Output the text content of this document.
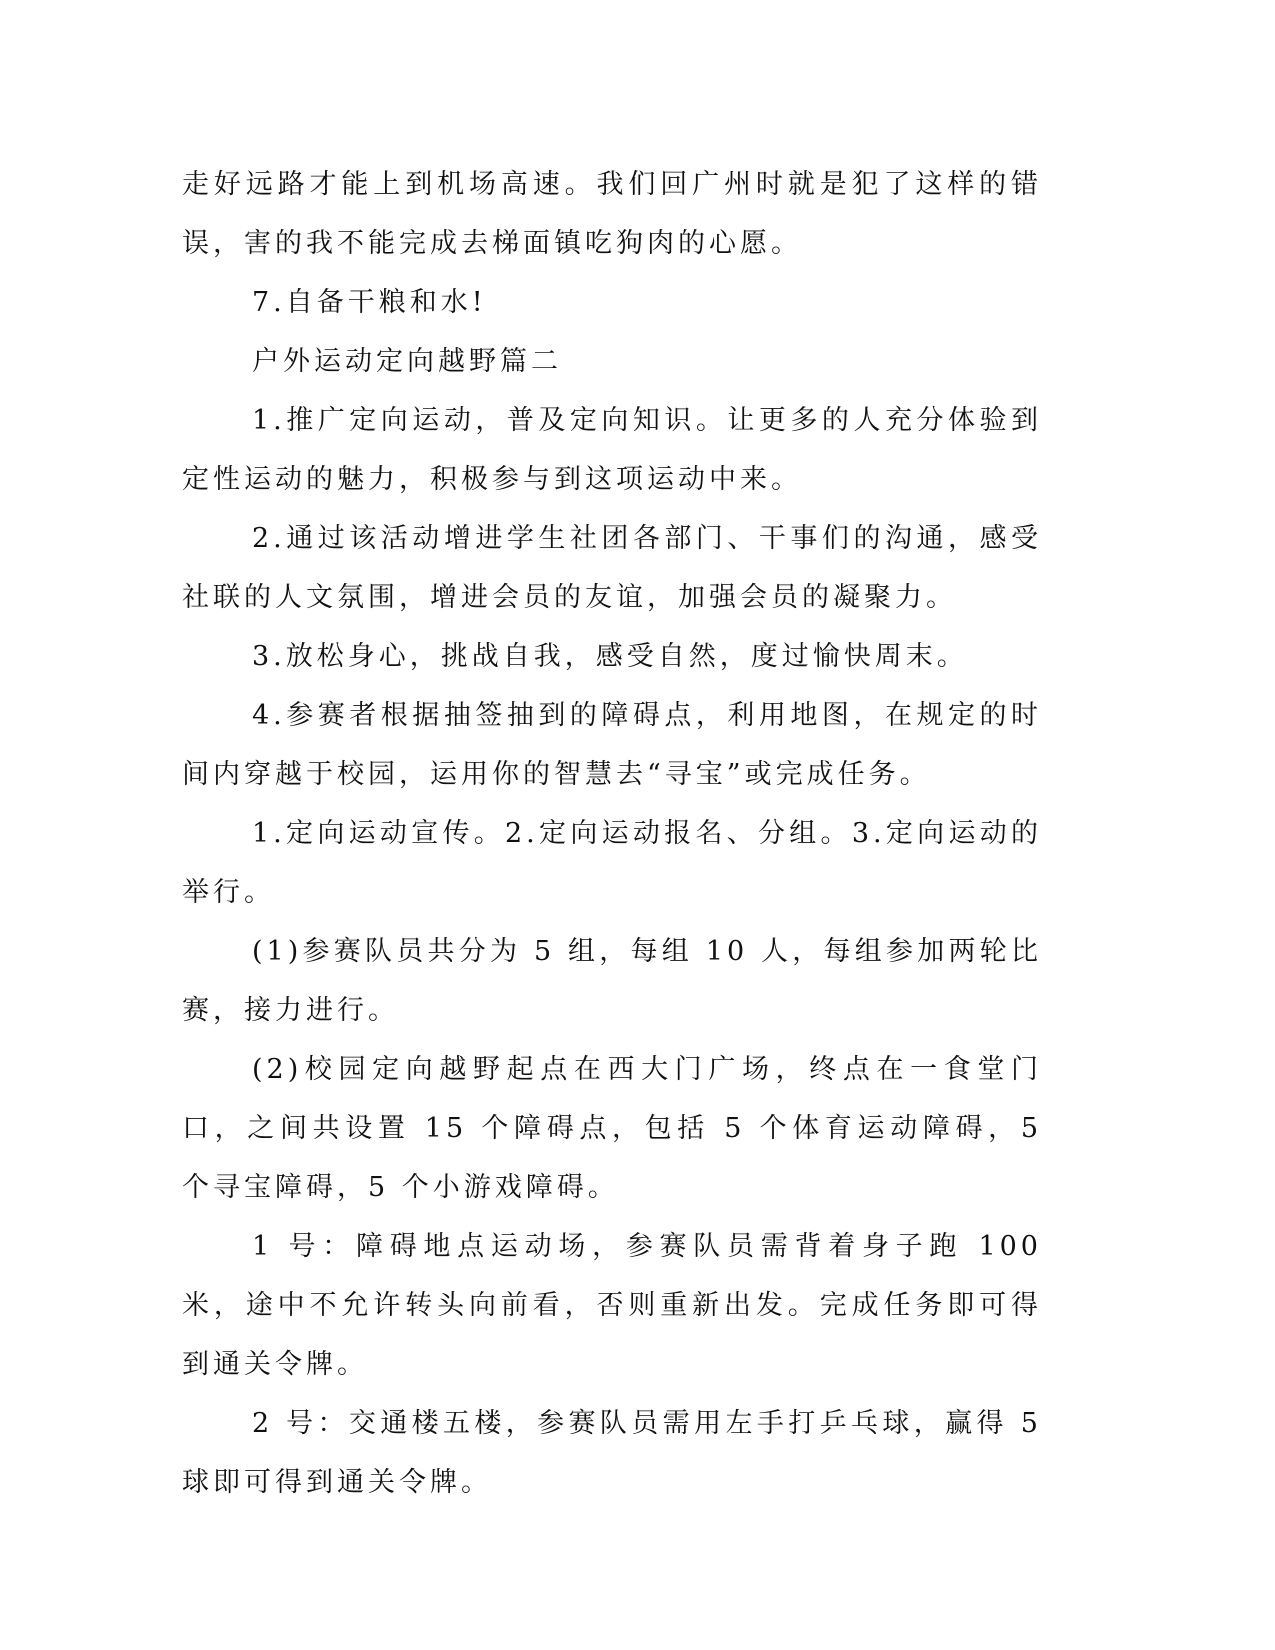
走好远路才能上到机场高速。我们回广州时就是犯了这样的错误，害的我不能完成去梯面镇吃狗肉的心愿。

7.自备干粮和水!

户外运动定向越野篇二

1.推广定向运动，普及定向知识。让更多的人充分体验到定性运动的魅力，积极参与到这项运动中来。

2.通过该活动增进学生社团各部门、干事们的沟通，感受社联的人文氛围，增进会员的友谊，加强会员的凝聚力。

3.放松身心，挑战自我，感受自然，度过愉快周末。

4.参赛者根据抽签抽到的障碍点，利用地图，在规定的时间内穿越于校园，运用你的智慧去“寻宝”或完成任务。

1.定向运动宣传。2.定向运动报名、分组。3.定向运动的举行。

(1)参赛队员共分为 5 组，每组 10 人，每组参加两轮比赛，接力进行。

(2)校园定向越野起点在西大门广场，终点在一食堂门口，之间共设置 15 个障碍点，包括 5 个体育运动障碍，5 个寻宝障碍，5 个小游戏障碍。

1 号：障碍地点运动场，参赛队员需背着身子跑 100 米，途中不允许转头向前看，否则重新出发。完成任务即可得到通关令牌。

2 号：交通楼五楼，参赛队员需用左手打乒乓球，赢得 5 球即可得到通关令牌。
